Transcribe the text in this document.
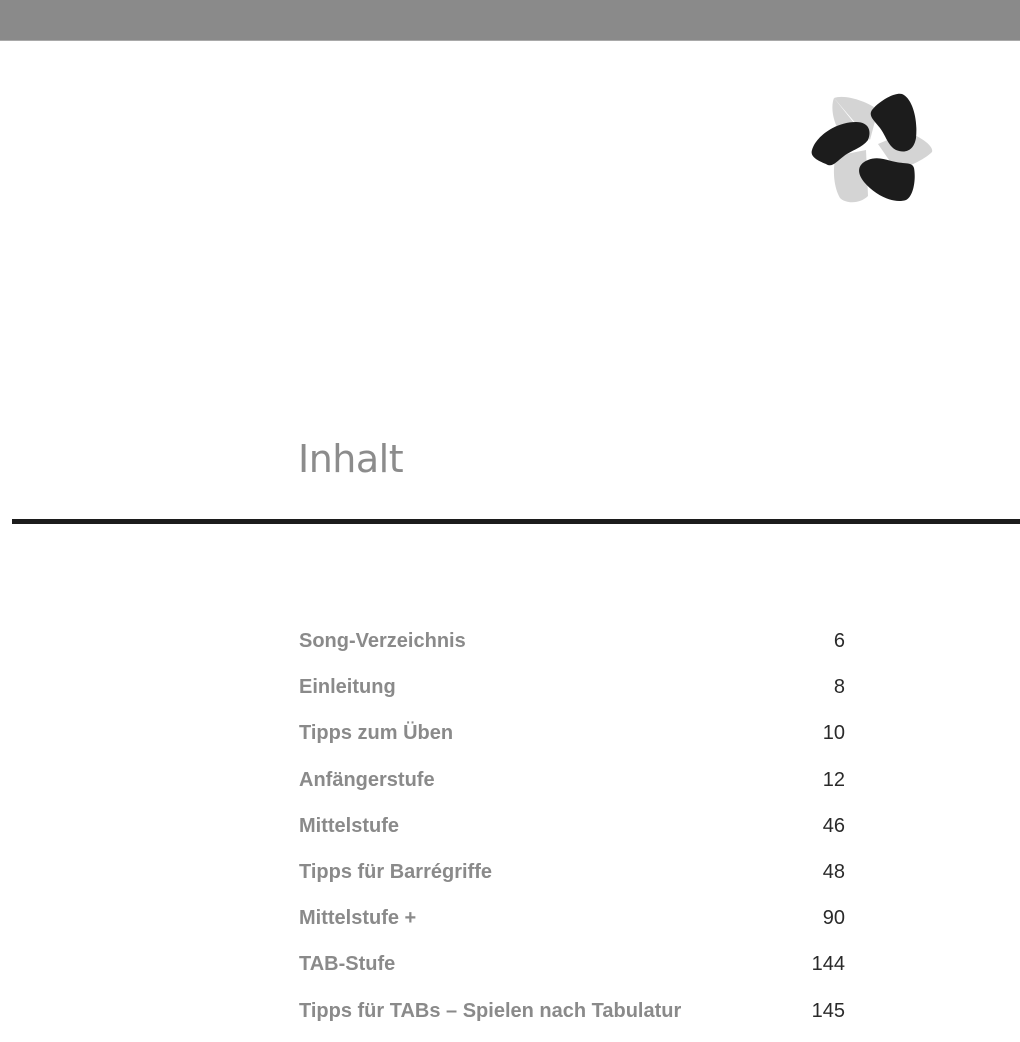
Inhalt
Song-Verzeichnis	6
Einleitung	8
Tipps zum Üben	10
Anfängerstufe	12
Mittelstufe	46
Tipps für Barrégriffe	48
Mittelstufe +	90
TAB-Stufe	144
Tipps für TABs – Spielen nach Tabulatur	145
